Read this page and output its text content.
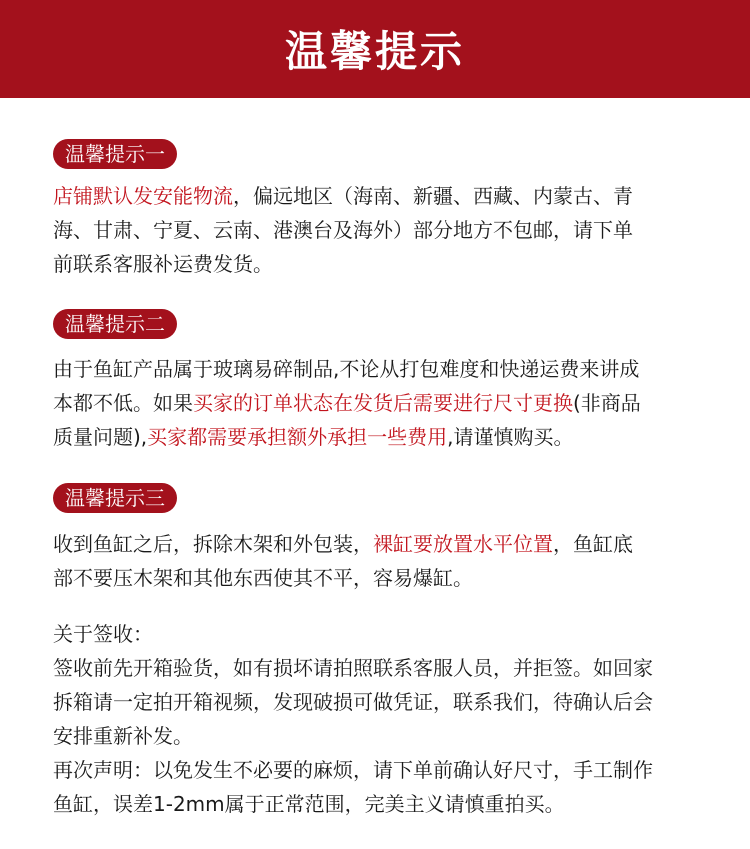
温馨提示
温馨提示一
店铺默认发安能物流，偏远地区（海南、新疆、西藏、内蒙古、青
海、甘肃、宁夏、云南、港澳台及海外）部分地方不包邮，请下单
前联系客服补运费发货。
温馨提示二
由于鱼缸产品属于玻璃易碎制品,不论从打包难度和快递运费来讲成
本都不低。如果买家的订单状态在发货后需要进行尺寸更换(非商品
质量问题),买家都需要承担额外承担一些费用,请谨慎购买。
温馨提示三
收到鱼缸之后，拆除木架和外包装，裸缸要放置水平位置，鱼缸底
部不要压木架和其他东西使其不平，容易爆缸。
关于签收：
签收前先开箱验货，如有损坏请拍照联系客服人员，并拒签。如回家
拆箱请一定拍开箱视频，发现破损可做凭证，联系我们，待确认后会
安排重新补发。
再次声明：以免发生不必要的麻烦，请下单前确认好尺寸，手工制作
鱼缸，误差1-2mm属于正常范围，完美主义请慎重拍买。
